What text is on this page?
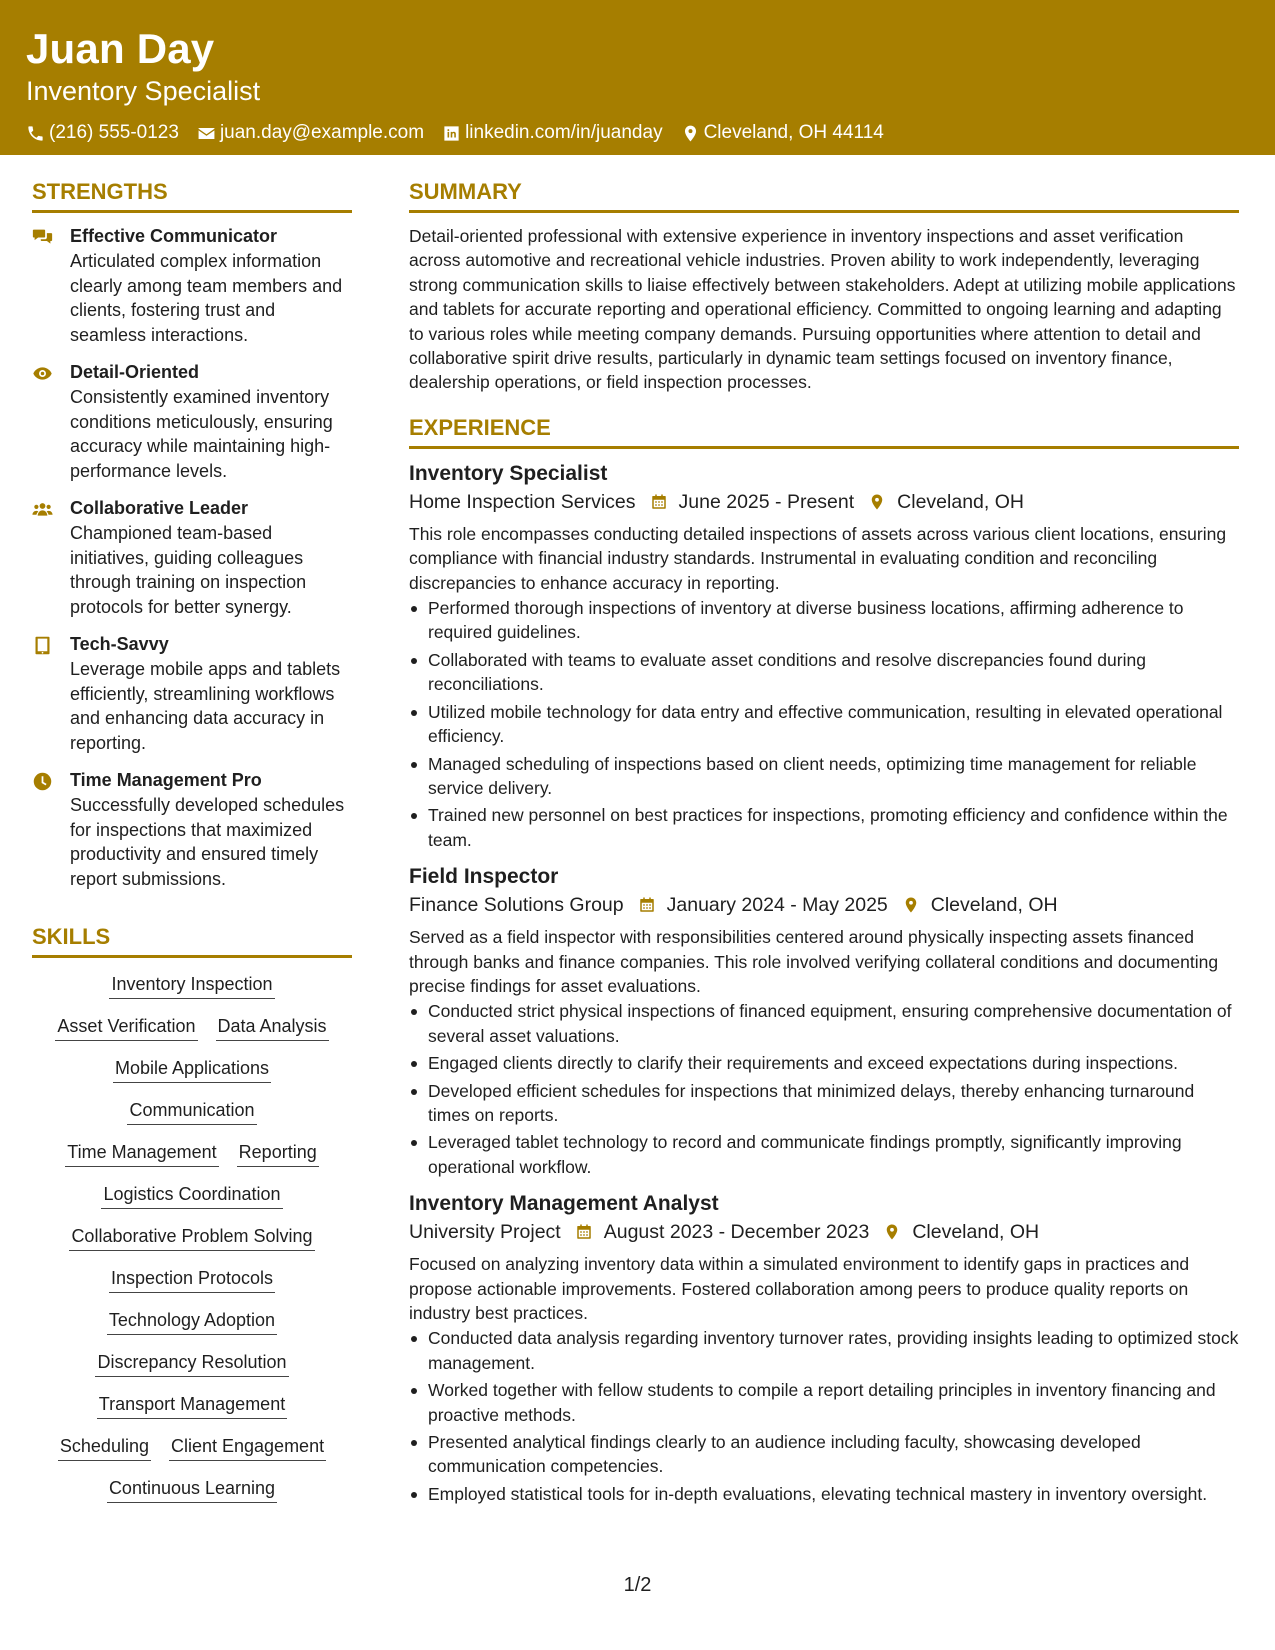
Juan Day
Inventory Specialist
(216) 555-0123 juan.day@example.com linkedin.com/in/juanday Cleveland, OH 44114
STRENGTHS
Effective Communicator
Articulated complex information clearly among team members and clients, fostering trust and seamless interactions.
Detail-Oriented
Consistently examined inventory conditions meticulously, ensuring accuracy while maintaining high-performance levels.
Collaborative Leader
Championed team-based initiatives, guiding colleagues through training on inspection protocols for better synergy.
Tech-Savvy
Leverage mobile apps and tablets efficiently, streamlining workflows and enhancing data accuracy in reporting.
Time Management Pro
Successfully developed schedules for inspections that maximized productivity and ensured timely report submissions.
SKILLS
Inventory Inspection
Asset Verification Data Analysis
Mobile Applications
Communication
Time Management Reporting
Logistics Coordination
Collaborative Problem Solving
Inspection Protocols
Technology Adoption
Discrepancy Resolution
Transport Management
Scheduling Client Engagement
Continuous Learning
SUMMARY
Detail-oriented professional with extensive experience in inventory inspections and asset verification across automotive and recreational vehicle industries. Proven ability to work independently, leveraging strong communication skills to liaise effectively between stakeholders. Adept at utilizing mobile applications and tablets for accurate reporting and operational efficiency. Committed to ongoing learning and adapting to various roles while meeting company demands. Pursuing opportunities where attention to detail and collaborative spirit drive results, particularly in dynamic team settings focused on inventory finance, dealership operations, or field inspection processes.
EXPERIENCE
Inventory Specialist
Home Inspection Services June 2025 - Present Cleveland, OH
This role encompasses conducting detailed inspections of assets across various client locations, ensuring compliance with financial industry standards. Instrumental in evaluating condition and reconciling discrepancies to enhance accuracy in reporting.
Performed thorough inspections of inventory at diverse business locations, affirming adherence to required guidelines.
Collaborated with teams to evaluate asset conditions and resolve discrepancies found during reconciliations.
Utilized mobile technology for data entry and effective communication, resulting in elevated operational efficiency.
Managed scheduling of inspections based on client needs, optimizing time management for reliable service delivery.
Trained new personnel on best practices for inspections, promoting efficiency and confidence within the team.
Field Inspector
Finance Solutions Group January 2024 - May 2025 Cleveland, OH
Served as a field inspector with responsibilities centered around physically inspecting assets financed through banks and finance companies. This role involved verifying collateral conditions and documenting precise findings for asset evaluations.
Conducted strict physical inspections of financed equipment, ensuring comprehensive documentation of several asset valuations.
Engaged clients directly to clarify their requirements and exceed expectations during inspections.
Developed efficient schedules for inspections that minimized delays, thereby enhancing turnaround times on reports.
Leveraged tablet technology to record and communicate findings promptly, significantly improving operational workflow.
Inventory Management Analyst
University Project August 2023 - December 2023 Cleveland, OH
Focused on analyzing inventory data within a simulated environment to identify gaps in practices and propose actionable improvements. Fostered collaboration among peers to produce quality reports on industry best practices.
Conducted data analysis regarding inventory turnover rates, providing insights leading to optimized stock management.
Worked together with fellow students to compile a report detailing principles in inventory financing and proactive methods.
Presented analytical findings clearly to an audience including faculty, showcasing developed communication competencies.
Employed statistical tools for in-depth evaluations, elevating technical mastery in inventory oversight.
1/2
